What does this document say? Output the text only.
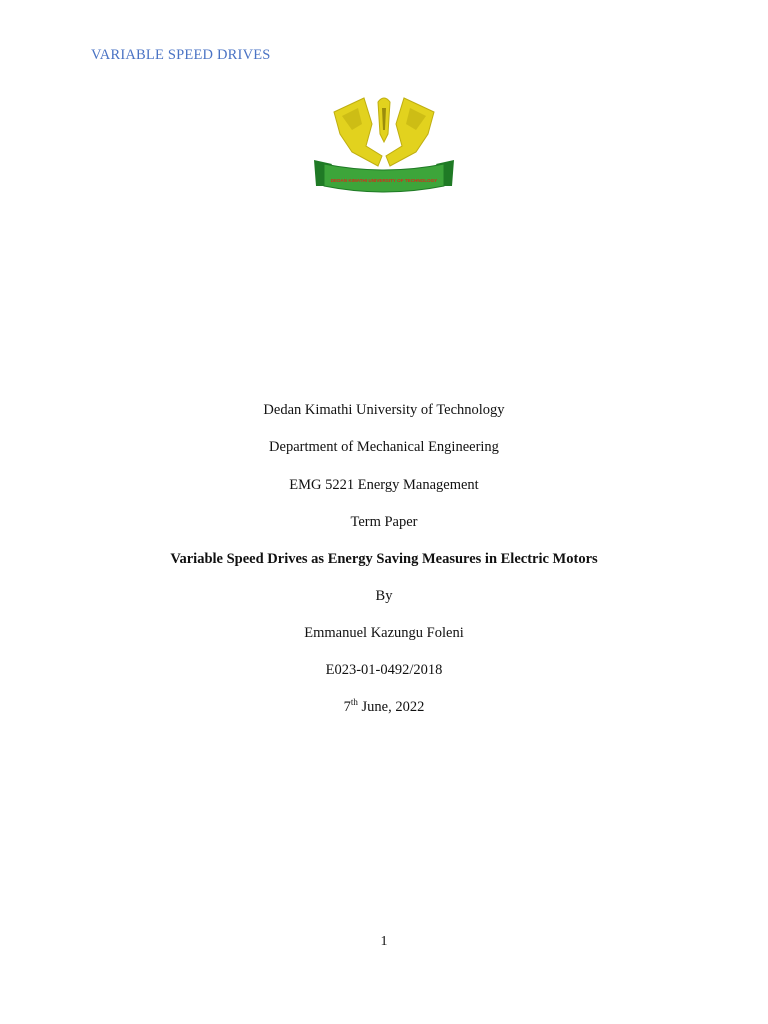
VARIABLE SPEED DRIVES
DEDAN KIMATHI UNIVERSITY OF TECHNOLOGY
Dedan Kimathi University of Technology
Department of Mechanical Engineering
EMG 5221 Energy Management
Term Paper
Variable Speed Drives as Energy Saving Measures in Electric Motors
By
Emmanuel Kazungu Foleni
E023-01-0492/2018
7th June, 2022
1
